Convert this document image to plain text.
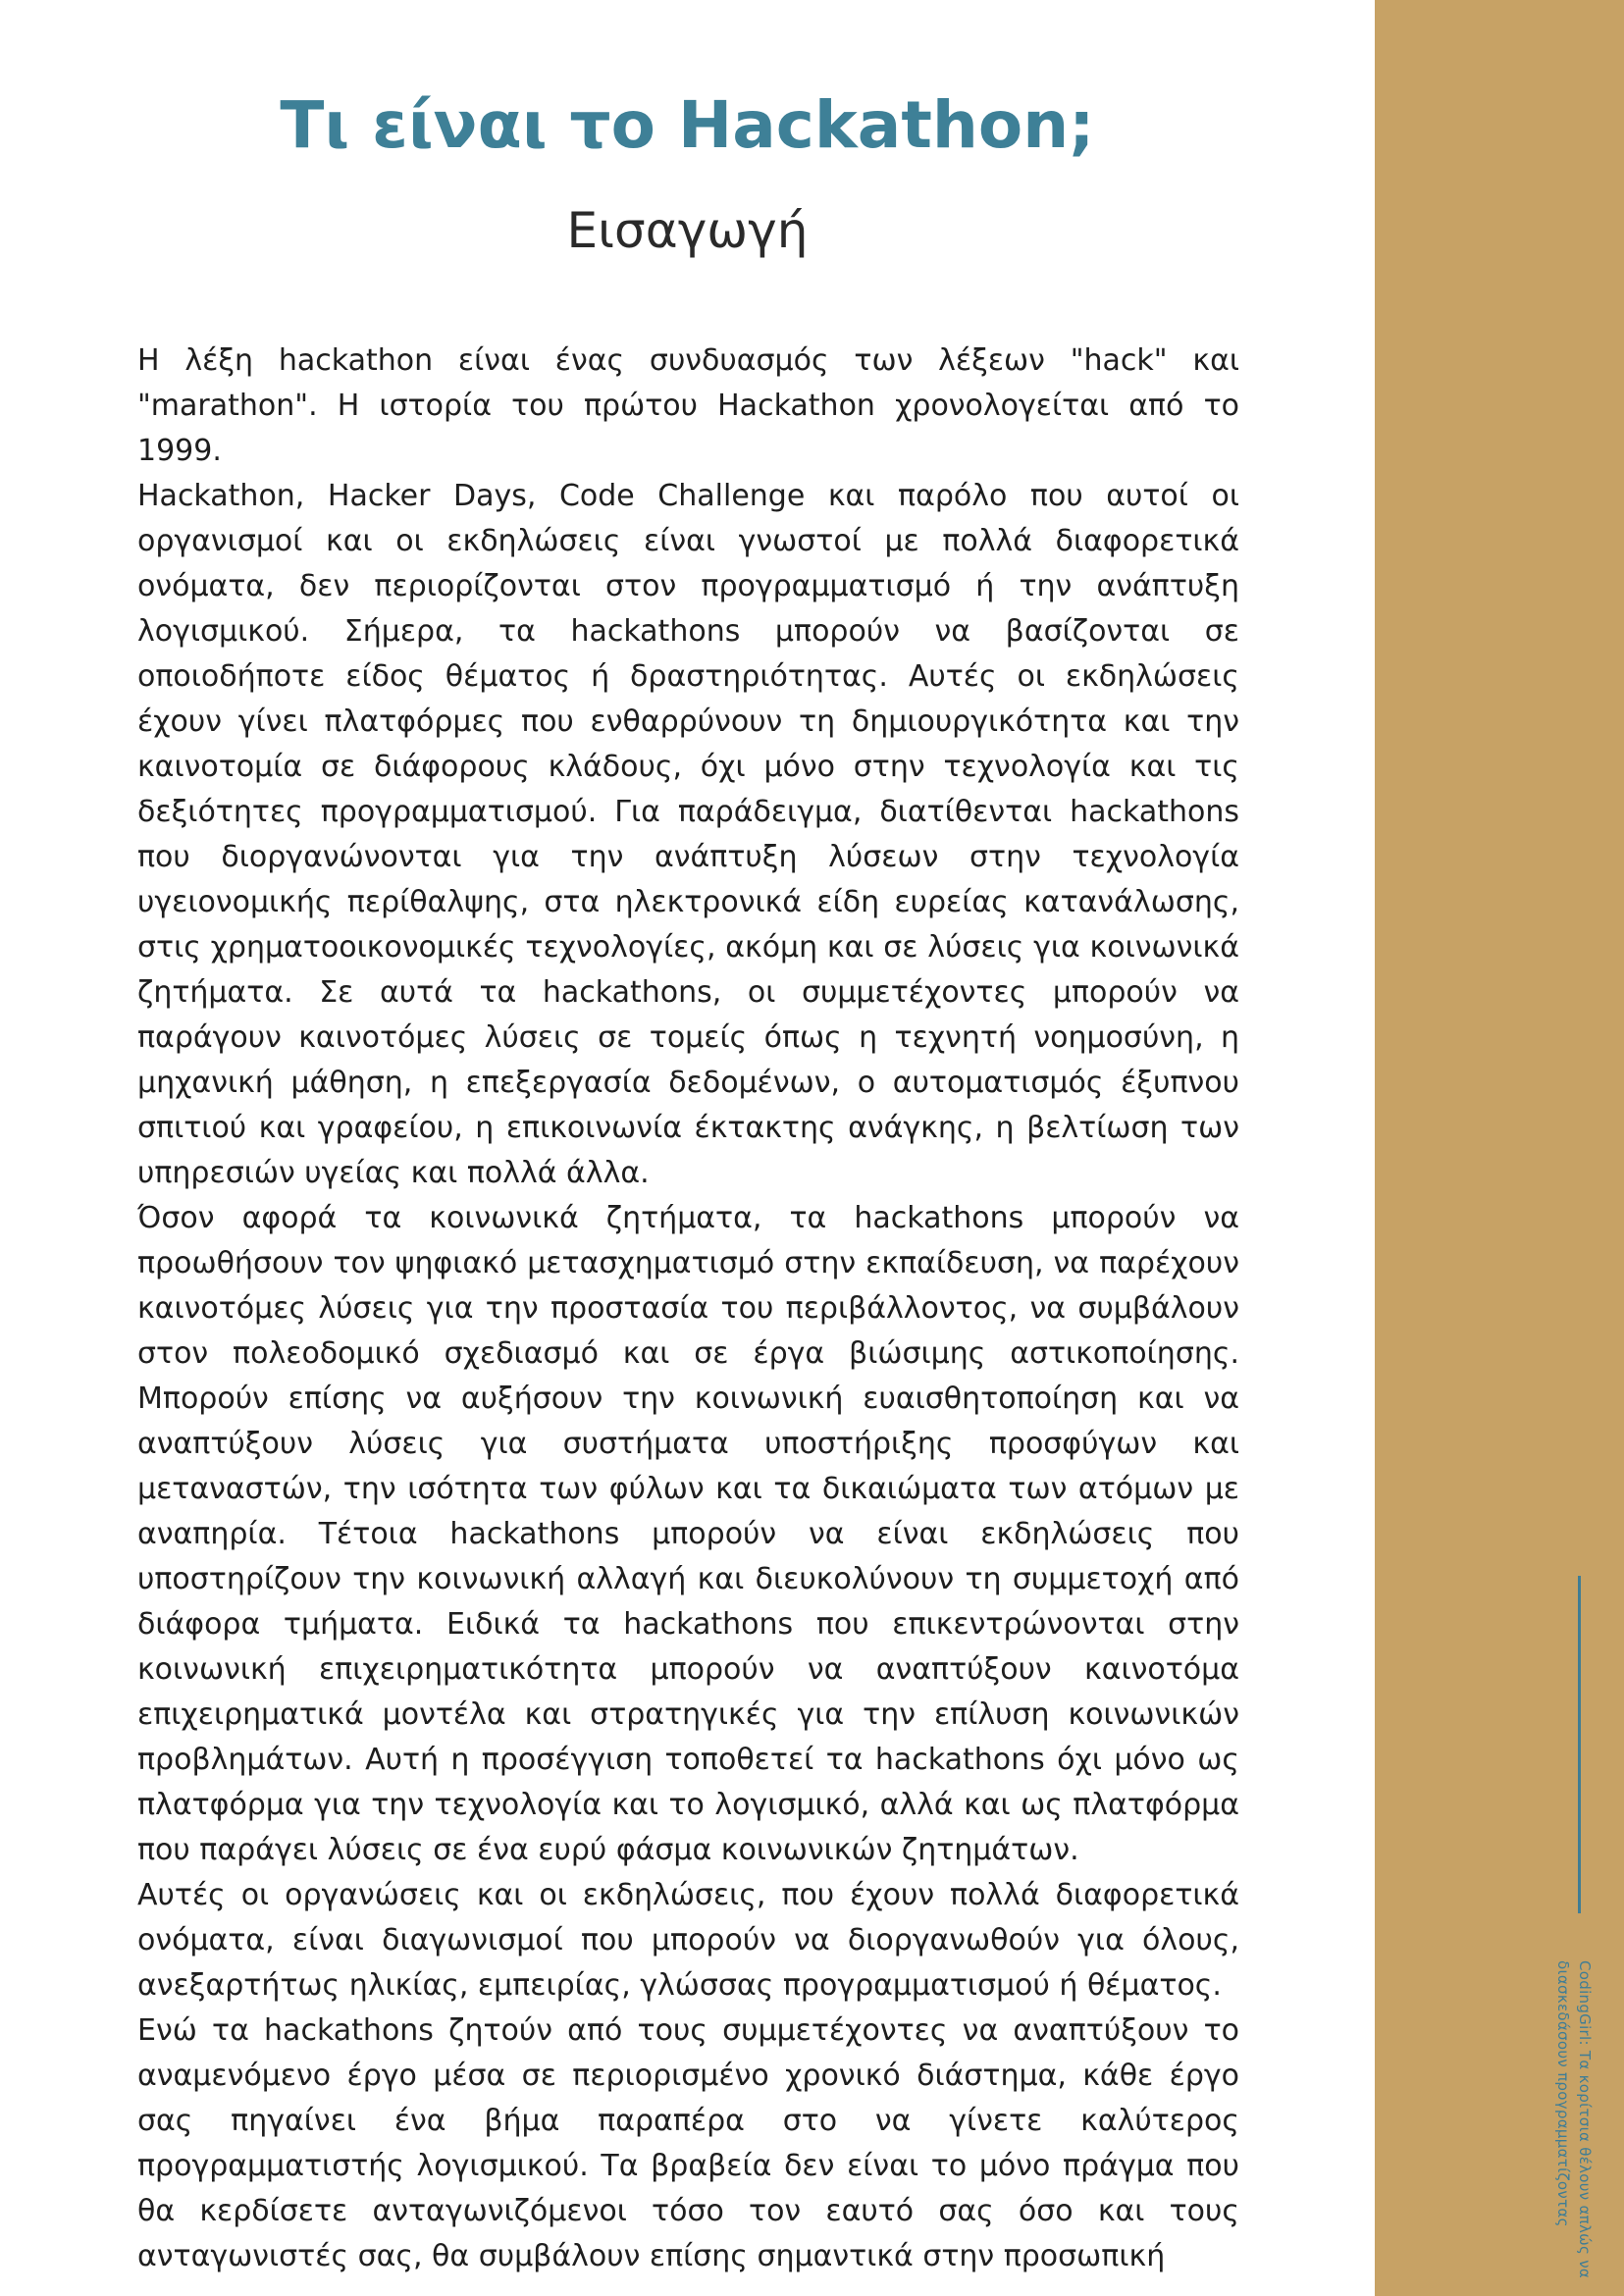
Τι είναι το Hackathon;
Εισαγωγή

Η λέξη hackathon είναι ένας συνδυασμός των λέξεων "hack" και "marathon". Η ιστορία του πρώτου Hackathon χρονολογείται από το 1999.

Hackathon, Hacker Days, Code Challenge και παρόλο που αυτοί οι οργανισμοί και οι εκδηλώσεις είναι γνωστοί με πολλά διαφορετικά ονόματα, δεν περιορίζονται στον προγραμματισμό ή την ανάπτυξη λογισμικού. Σήμερα, τα hackathons μπορούν να βασίζονται σε οποιοδήποτε είδος θέματος ή δραστηριότητας. Αυτές οι εκδηλώσεις έχουν γίνει πλατφόρμες που ενθαρρύνουν τη δημιουργικότητα και την καινοτομία σε διάφορους κλάδους, όχι μόνο στην τεχνολογία και τις δεξιότητες προγραμματισμού. Για παράδειγμα, διατίθενται hackathons που διοργανώνονται για την ανάπτυξη λύσεων στην τεχνολογία υγειονομικής περίθαλψης, στα ηλεκτρονικά είδη ευρείας κατανάλωσης, στις χρηματοοικονομικές τεχνολογίες, ακόμη και σε λύσεις για κοινωνικά ζητήματα. Σε αυτά τα hackathons, οι συμμετέχοντες μπορούν να παράγουν καινοτόμες λύσεις σε τομείς όπως η τεχνητή νοημοσύνη, η μηχανική μάθηση, η επεξεργασία δεδομένων, ο αυτοματισμός έξυπνου σπιτιού και γραφείου, η επικοινωνία έκτακτης ανάγκης, η βελτίωση των υπηρεσιών υγείας και πολλά άλλα.

Όσον αφορά τα κοινωνικά ζητήματα, τα hackathons μπορούν να προωθήσουν τον ψηφιακό μετασχηματισμό στην εκπαίδευση, να παρέχουν καινοτόμες λύσεις για την προστασία του περιβάλλοντος, να συμβάλουν στον πολεοδομικό σχεδιασμό και σε έργα βιώσιμης αστικοποίησης. Μπορούν επίσης να αυξήσουν την κοινωνική ευαισθητοποίηση και να αναπτύξουν λύσεις για συστήματα υποστήριξης προσφύγων και μεταναστών, την ισότητα των φύλων και τα δικαιώματα των ατόμων με αναπηρία. Τέτοια hackathons μπορούν να είναι εκδηλώσεις που υποστηρίζουν την κοινωνική αλλαγή και διευκολύνουν τη συμμετοχή από διάφορα τμήματα. Ειδικά τα hackathons που επικεντρώνονται στην κοινωνική επιχειρηματικότητα μπορούν να αναπτύξουν καινοτόμα επιχειρηματικά μοντέλα και στρατηγικές για την επίλυση κοινωνικών προβλημάτων. Αυτή η προσέγγιση τοποθετεί τα hackathons όχι μόνο ως πλατφόρμα για την τεχνολογία και το λογισμικό, αλλά και ως πλατφόρμα που παράγει λύσεις σε ένα ευρύ φάσμα κοινωνικών ζητημάτων.

Αυτές οι οργανώσεις και οι εκδηλώσεις, που έχουν πολλά διαφορετικά ονόματα, είναι διαγωνισμοί που μπορούν να διοργανωθούν για όλους, ανεξαρτήτως ηλικίας, εμπειρίας, γλώσσας προγραμματισμού ή θέματος.

Ενώ τα hackathons ζητούν από τους συμμετέχοντες να αναπτύξουν το αναμενόμενο έργο μέσα σε περιορισμένο χρονικό διάστημα, κάθε έργο σας πηγαίνει ένα βήμα παραπέρα στο να γίνετε καλύτερος προγραμματιστής λογισμικού. Τα βραβεία δεν είναι το μόνο πράγμα που θα κερδίσετε ανταγωνιζόμενοι τόσο τον εαυτό σας όσο και τους ανταγωνιστές σας, θα συμβάλουν επίσης σημαντικά στην προσωπική	CodingGirl: Τα κορίτσια θέλουν απλώς να
διασκεδάσουν προγραμματίζοντας
